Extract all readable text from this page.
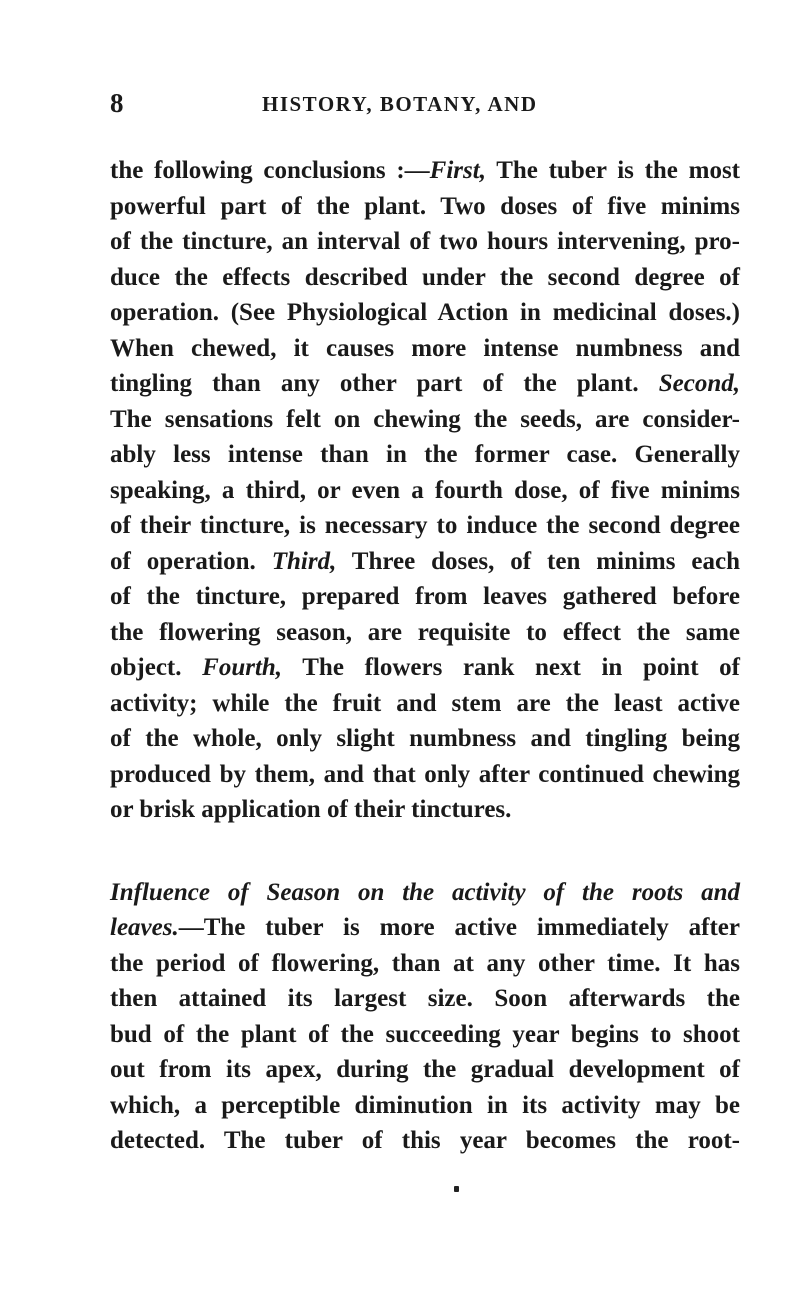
8	HISTORY, BOTANY, AND
the following conclusions :—First, The tuber is the most
powerful part of the plant. Two doses of five minims
of the tincture, an interval of two hours intervening, pro-
duce the effects described under the second degree of
operation. (See Physiological Action in medicinal doses.)
When chewed, it causes more intense numbness and
tingling than any other part of the plant. Second,
The sensations felt on chewing the seeds, are consider-
ably less intense than in the former case. Generally
speaking, a third, or even a fourth dose, of five minims
of their tincture, is necessary to induce the second degree
of operation. Third, Three doses, of ten minims each
of the tincture, prepared from leaves gathered before
the flowering season, are requisite to effect the same
object. Fourth, The flowers rank next in point of
activity; while the fruit and stem are the least active
of the whole, only slight numbness and tingling being
produced by them, and that only after continued chewing
or brisk application of their tinctures.
Influence of Season on the activity of the roots and
leaves.—The tuber is more active immediately after
the period of flowering, than at any other time. It has
then attained its largest size. Soon afterwards the
bud of the plant of the succeeding year begins to shoot
out from its apex, during the gradual development of
which, a perceptible diminution in its activity may be
detected. The tuber of this year becomes the root-
